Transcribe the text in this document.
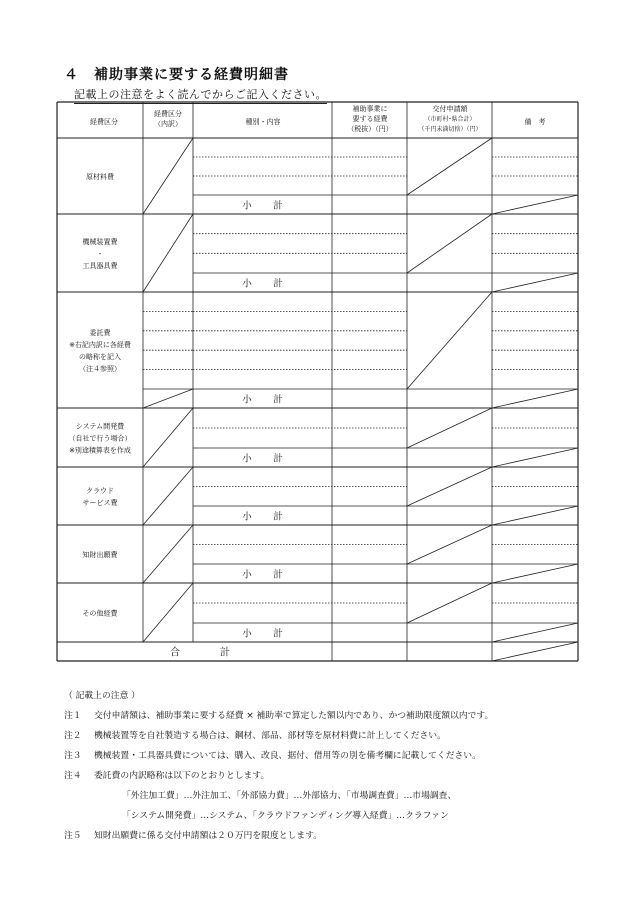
４　補助事業に要する経費明細書
記載上の注意をよく読んでからご記入ください。
経費区分
経費区分
（内訳）	種別・内容
補助事業に
要する経費
（税抜）（円）
交付申請額
（市町村･県合計）
（千円未満切捨）（円）
備　考
原材料費
小　計
機械装置費
・
工具器具費
小　計
委託費
※右記内訳に各経費
の略称を記入
（注４参照）
小　計
システム開発費
（自社で行う場合）
※別途積算表を作成
小　計
クラウド
サービス費
小　計
知財出願費
小　計
その他経費
小　計
合　　　　計
（ 記載上の注意 ）
注１ 交付申請額は、補助事業に要する経費 × 補助率で算定した額以内であり、かつ補助限度額以内です。
注２ 機械装置等を自社製造する場合は、鋼材、部品、部材等を原材料費に計上してください。
注３ 機械装置・工具器具費については、購入、改良、据付、借用等の別を備考欄に記載してください。
注４ 委託費の内訳略称は以下のとおりとします。
「外注加工費」…外注加工、「外部協力費」…外部協力、「市場調査費」…市場調査、
「システム開発費」…システム、「クラウドファンディング導入経費」…クラファン
注５ 知財出願費に係る交付申請額は２０万円を限度とします。
